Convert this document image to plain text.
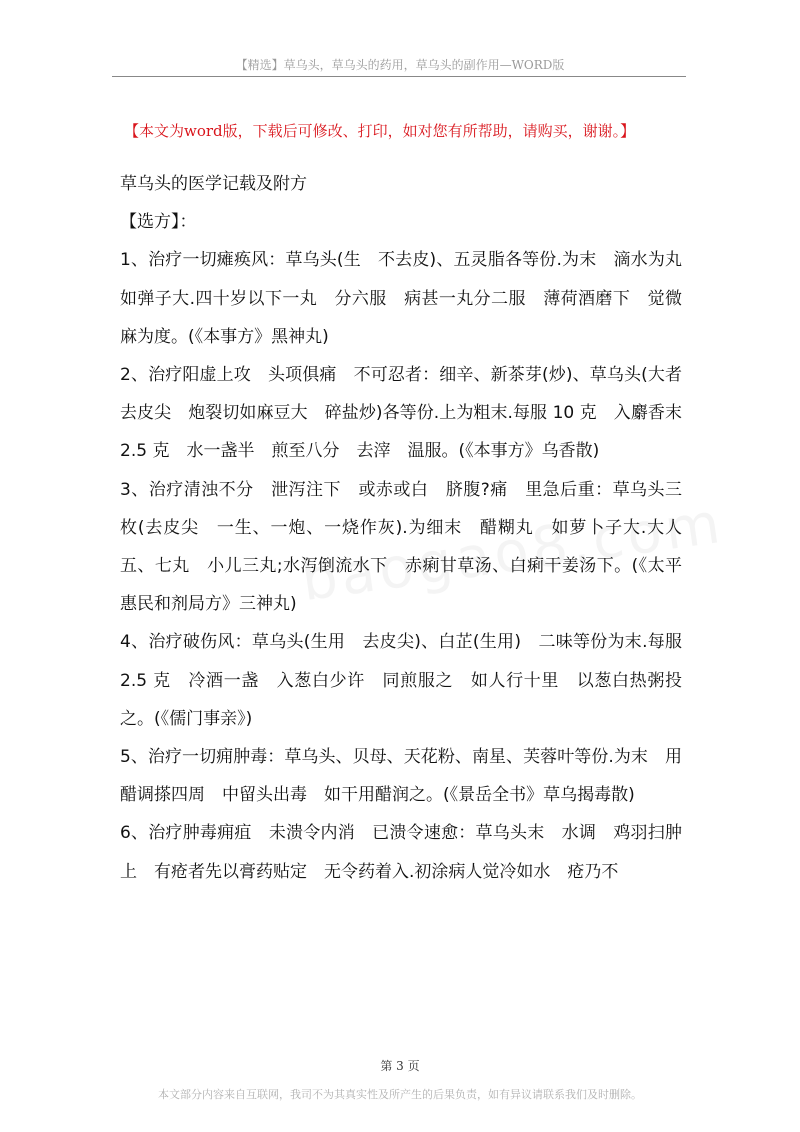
【精选】草乌头，草乌头的药用，草乌头的副作用—WORD版
【本文为word版，下载后可修改、打印，如对您有所帮助，请购买，谢谢。】

草乌头的医学记载及附方

【选方】：

1、治疗一切瘫痪风：草乌头(生　不去皮)、五灵脂各等份.为末　滴水为丸　如弹子大.四十岁以下一丸　分六服　病甚一丸分二服　薄荷酒磨下　觉微麻为度。(《本事方》黑神丸)

2、治疗阳虚上攻　头项俱痛　不可忍者：细辛、新茶芽(炒)、草乌头(大者　去皮尖　炮裂切如麻豆大　碎盐炒)各等份.上为粗末.每服 10 克　入麝香末 2.5 克　水一盏半　煎至八分　去滓　温服。(《本事方》乌香散)

3、治疗清浊不分　泄泻注下　或赤或白　脐腹?痛　里急后重：草乌头三枚(去皮尖　一生、一炮、一烧作灰).为细末　醋糊丸　如萝卜子大.大人五、七丸　小儿三丸;水泻倒流水下　赤痢甘草汤、白痢干姜汤下。(《太平惠民和剂局方》三神丸)

4、治疗破伤风：草乌头(生用　去皮尖)、白芷(生用)　二味等份为末.每服 2.5 克　冷酒一盏　入葱白少许　同煎服之　如人行十里　以葱白热粥投之。(《儒门事亲》)

5、治疗一切痈肿毒：草乌头、贝母、天花粉、南星、芙蓉叶等份.为末　用醋调搽四周　中留头出毒　如干用醋润之。(《景岳全书》草乌揭毒散)

6、治疗肿毒痈疽　未溃令内消　已溃令速愈：草乌头末　水调　鸡羽扫肿上　有疮者先以膏药贴定　无令药着入.初涂病人觉冷如水　疮乃不

第 3 页
本文部分内容来自互联网，我司不为其真实性及所产生的后果负责，如有异议请联系我们及时删除。
